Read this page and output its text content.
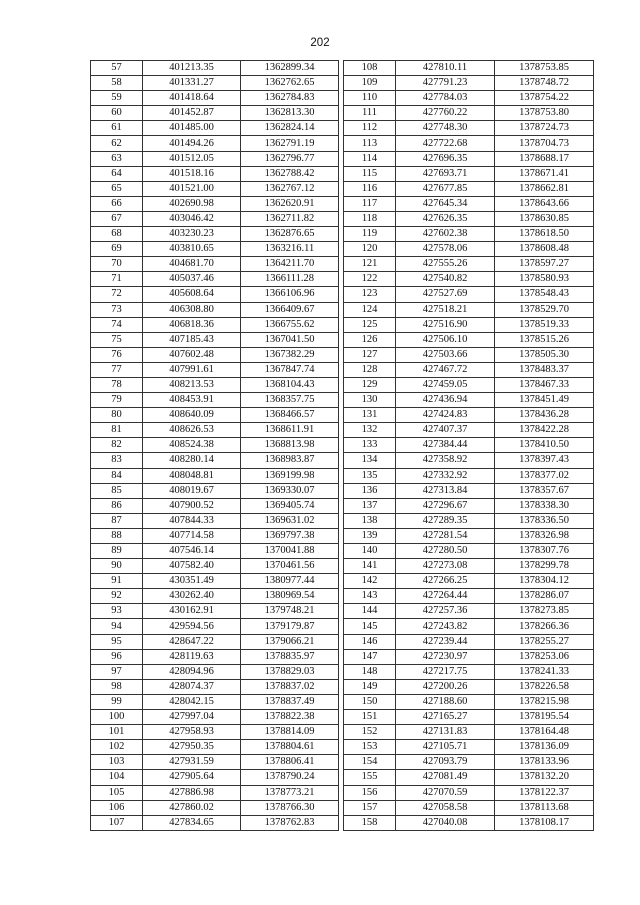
202
57	401213.35	1362899.34
58	401331.27	1362762.65
59	401418.64	1362784.83
60	401452.87	1362813.30
61	401485.00	1362824.14
62	401494.26	1362791.19
63	401512.05	1362796.77
64	401518.16	1362788.42
65	401521.00	1362767.12
66	402690.98	1362620.91
67	403046.42	1362711.82
68	403230.23	1362876.65
69	403810.65	1363216.11
70	404681.70	1364211.70
71	405037.46	1366111.28
72	405608.64	1366106.96
73	406308.80	1366409.67
74	406818.36	1366755.62
75	407185.43	1367041.50
76	407602.48	1367382.29
77	407991.61	1367847.74
78	408213.53	1368104.43
79	408453.91	1368357.75
80	408640.09	1368466.57
81	408626.53	1368611.91
82	408524.38	1368813.98
83	408280.14	1368983.87
84	408048.81	1369199.98
85	408019.67	1369330.07
86	407900.52	1369405.74
87	407844.33	1369631.02
88	407714.58	1369797.38
89	407546.14	1370041.88
90	407582.40	1370461.56
91	430351.49	1380977.44
92	430262.40	1380969.54
93	430162.91	1379748.21
94	429594.56	1379179.87
95	428647.22	1379066.21
96	428119.63	1378835.97
97	428094.96	1378829.03
98	428074.37	1378837.02
99	428042.15	1378837.49
100	427997.04	1378822.38
101	427958.93	1378814.09
102	427950.35	1378804.61
103	427931.59	1378806.41
104	427905.64	1378790.24
105	427886.98	1378773.21
106	427860.02	1378766.30
107	427834.65	1378762.83
108	427810.11	1378753.85
109	427791.23	1378748.72
110	427784.03	1378754.22
111	427760.22	1378753.80
112	427748.30	1378724.73
113	427722.68	1378704.73
114	427696.35	1378688.17
115	427693.71	1378671.41
116	427677.85	1378662.81
117	427645.34	1378643.66
118	427626.35	1378630.85
119	427602.38	1378618.50
120	427578.06	1378608.48
121	427555.26	1378597.27
122	427540.82	1378580.93
123	427527.69	1378548.43
124	427518.21	1378529.70
125	427516.90	1378519.33
126	427506.10	1378515.26
127	427503.66	1378505.30
128	427467.72	1378483.37
129	427459.05	1378467.33
130	427436.94	1378451.49
131	427424.83	1378436.28
132	427407.37	1378422.28
133	427384.44	1378410.50
134	427358.92	1378397.43
135	427332.92	1378377.02
136	427313.84	1378357.67
137	427296.67	1378338.30
138	427289.35	1378336.50
139	427281.54	1378326.98
140	427280.50	1378307.76
141	427273.08	1378299.78
142	427266.25	1378304.12
143	427264.44	1378286.07
144	427257.36	1378273.85
145	427243.82	1378266.36
146	427239.44	1378255.27
147	427230.97	1378253.06
148	427217.75	1378241.33
149	427200.26	1378226.58
150	427188.60	1378215.98
151	427165.27	1378195.54
152	427131.83	1378164.48
153	427105.71	1378136.09
154	427093.79	1378133.96
155	427081.49	1378132.20
156	427070.59	1378122.37
157	427058.58	1378113.68
158	427040.08	1378108.17
